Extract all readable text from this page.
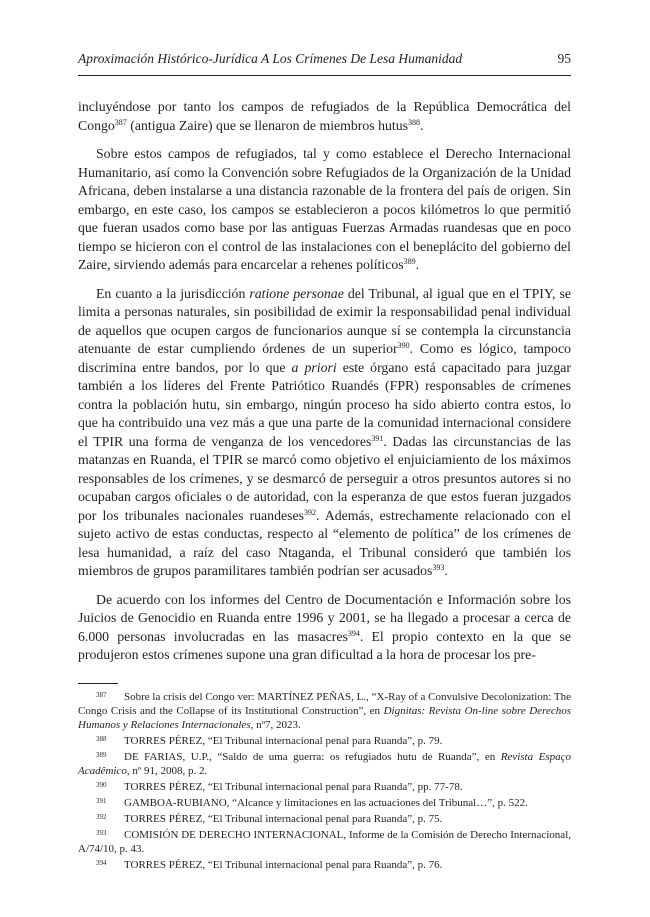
Aproximación Histórico-Jurídica A Los Crímenes De Lesa Humanidad	95

incluyéndose por tanto los campos de refugiados de la República Democrática del Congo$^{387}$ (antigua Zaire) que se llenaron de miembros hutus$^{388}$.

Sobre estos campos de refugiados, tal y como establece el Derecho Internacional Humanitario, así como la Convención sobre Refugiados de la Organización de la Unidad Africana, deben instalarse a una distancia razonable de la frontera del país de origen. Sin embargo, en este caso, los campos se establecieron a pocos kilómetros lo que permitió que fueran usados como base por las antiguas Fuerzas Armadas ruandesas que en poco tiempo se hicieron con el control de las instalaciones con el beneplácito del gobierno del Zaire, sirviendo además para encarcelar a rehenes políticos$^{389}$.

En cuanto a la jurisdicción ratione personae del Tribunal, al igual que en el TPIY, se limita a personas naturales, sin posibilidad de eximir la responsabilidad penal individual de aquellos que ocupen cargos de funcionarios aunque sí se contempla la circunstancia atenuante de estar cumpliendo órdenes de un superior$^{390}$. Como es lógico, tampoco discrimina entre bandos, por lo que a priori este órgano está capacitado para juzgar también a los líderes del Frente Patriótico Ruandés (FPR) responsables de crímenes contra la población hutu, sin embargo, ningún proceso ha sido abierto contra estos, lo que ha contribuido una vez más a que una parte de la comunidad internacional considere el TPIR una forma de venganza de los vencedores$^{391}$. Dadas las circunstancias de las matanzas en Ruanda, el TPIR se marcó como objetivo el enjuiciamiento de los máximos responsables de los crímenes, y se desmarcó de perseguir a otros presuntos autores si no ocupaban cargos oficiales o de autoridad, con la esperanza de que estos fueran juzgados por los tribunales nacionales ruandeses$^{392}$. Además, estrechamente relacionado con el sujeto activo de estas conductas, respecto al “elemento de política” de los crímenes de lesa humanidad, a raíz del caso Ntaganda, el Tribunal consideró que también los miembros de grupos paramilitares también podrían ser acusados$^{393}$.

De acuerdo con los informes del Centro de Documentación e Información sobre los Juicios de Genocidio en Ruanda entre 1996 y 2001, se ha llegado a procesar a cerca de 6.000 personas involucradas en las masacres$^{394}$. El propio contexto en la que se produjeron estos crímenes supone una gran dificultad a la hora de procesar los pre-

387 Sobre la crisis del Congo ver: MARTÍNEZ PEÑAS, L., “X-Ray of a Convulsive Decolonization: The Congo Crisis and the Collapse of its Institutional Construction”, en Dignitas: Revista On-line sobre Derechos Humanos y Relaciones Internacionales, nº7, 2023.

388 TORRES PÉREZ, “El Tribunal internacional penal para Ruanda”, p. 79.

389 DE FARIAS, U.P., “Saldo de uma guerra: os refugiados hutu de Ruanda”, en Revista Espaço Acadêmico, nº 91, 2008, p. 2.

390 TORRES PÉREZ, “El Tribunal internacional penal para Ruanda”, pp. 77-78.

391 GAMBOA-RUBIANO, “Alcance y limitaciones en las actuaciones del Tribunal…”, p. 522.

392 TORRES PÉREZ, “El Tribunal internacional penal para Ruanda”, p. 75.

393 COMISIÓN DE DERECHO INTERNACIONAL, Informe de la Comisión de Derecho Internacional, A/74/10, p. 43.

394 TORRES PÉREZ, “El Tribunal internacional penal para Ruanda”, p. 76.
